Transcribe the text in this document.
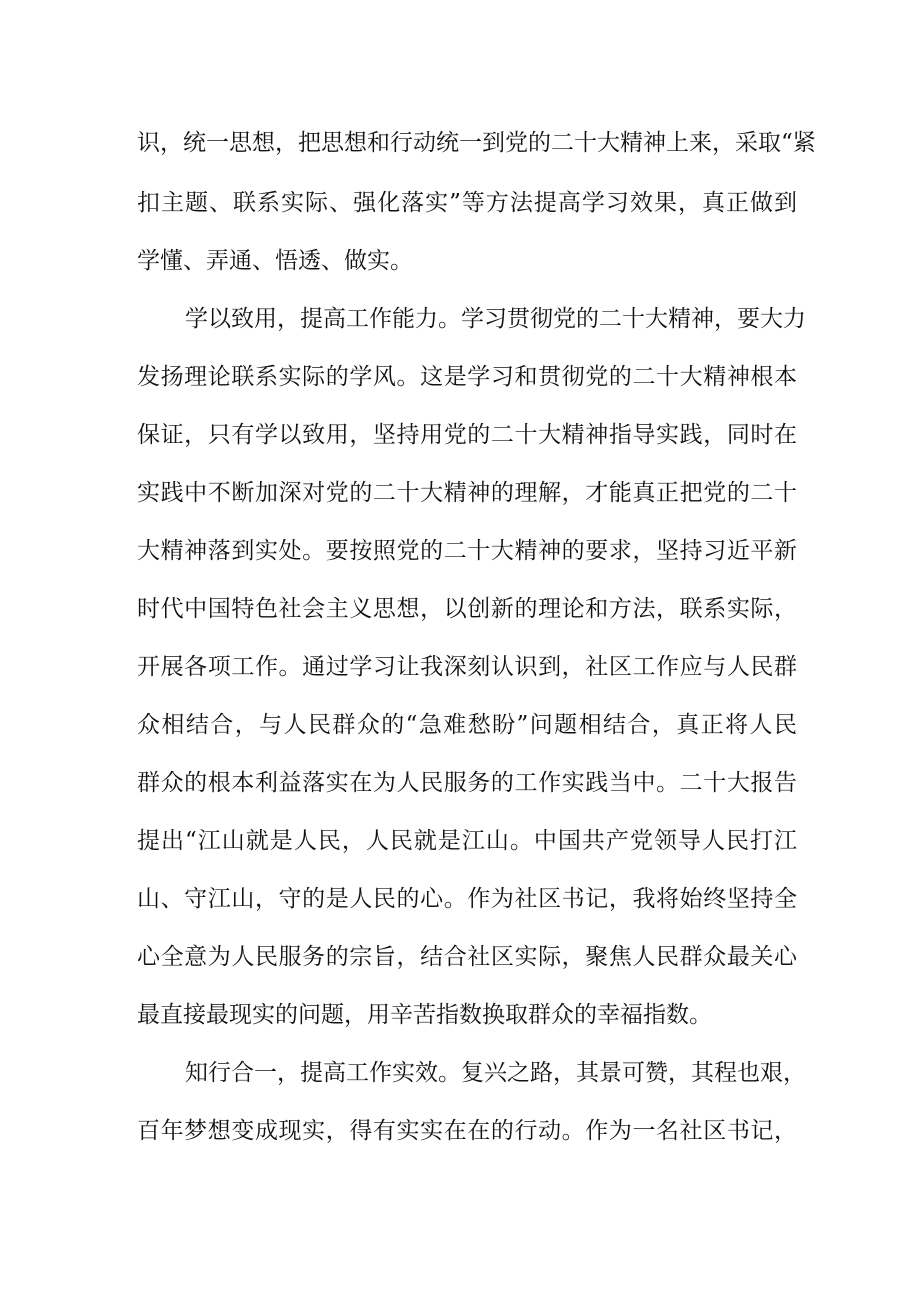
识，统一思想，把思想和行动统一到党的二十大精神上来，采取“紧
扣主题、联系实际、强化落实”等方法提高学习效果，真正做到
学懂、弄通、悟透、做实。
学以致用，提高工作能力。学习贯彻党的二十大精神，要大力
发扬理论联系实际的学风。这是学习和贯彻党的二十大精神根本
保证，只有学以致用，坚持用党的二十大精神指导实践，同时在
实践中不断加深对党的二十大精神的理解，才能真正把党的二十
大精神落到实处。要按照党的二十大精神的要求，坚持习近平新
时代中国特色社会主义思想，以创新的理论和方法，联系实际，
开展各项工作。通过学习让我深刻认识到，社区工作应与人民群
众相结合，与人民群众的“急难愁盼”问题相结合，真正将人民
群众的根本利益落实在为人民服务的工作实践当中。二十大报告
提出“江山就是人民，人民就是江山。中国共产党领导人民打江
山、守江山，守的是人民的心。作为社区书记，我将始终坚持全
心全意为人民服务的宗旨，结合社区实际，聚焦人民群众最关心
最直接最现实的问题，用辛苦指数换取群众的幸福指数。
知行合一，提高工作实效。复兴之路，其景可赞，其程也艰，
百年梦想变成现实，得有实实在在的行动。作为一名社区书记，
